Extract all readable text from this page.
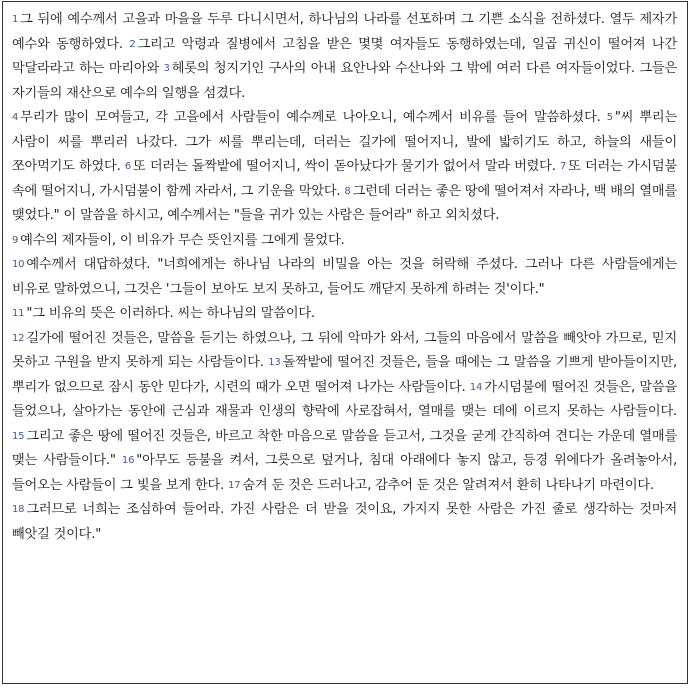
1 그 뒤에 예수께서 고을과 마을을 두루 다니시면서, 하나님의 나라를 선포하며 그 기쁜 소식을 전하셨다. 열두 제자가 예수와 동행하였다. 2 그리고 악령과 질병에서 고침을 받은 몇몇 여자들도 동행하였는데, 일곱 귀신이 떨어져 나간 막달라라고 하는 마리아와 3 헤롯의 청지기인 구사의 아내 요안나와 수산나와 그 밖에 여러 다른 여자들이었다. 그들은 자기들의 재산으로 예수의 일행을 섬겼다.

4 무리가 많이 모여들고, 각 고을에서 사람들이 예수께로 나아오니, 예수께서 비유를 들어 말씀하셨다. 5 "씨 뿌리는 사람이 씨를 뿌리러 나갔다. 그가 씨를 뿌리는데, 더러는 길가에 떨어지니, 발에 밟히기도 하고, 하늘의 새들이 쪼아먹기도 하였다. 6 또 더러는 돌짝밭에 떨어지니, 싹이 돋아났다가 물기가 없어서 말라 버렸다. 7 또 더러는 가시덤불 속에 떨어지니, 가시덤불이 함께 자라서, 그 기운을 막았다. 8 그런데 더러는 좋은 땅에 떨어져서 자라나, 백 배의 열매를 맺었다." 이 말씀을 하시고, 예수께서는 "들을 귀가 있는 사람은 들어라" 하고 외치셨다.

9 예수의 제자들이, 이 비유가 무슨 뜻인지를 그에게 물었다.

10 예수께서 대답하셨다. "너희에게는 하나님 나라의 비밀을 아는 것을 허락해 주셨다. 그러나 다른 사람들에게는 비유로 말하였으니, 그것은 '그들이 보아도 보지 못하고, 들어도 깨닫지 못하게 하려는 것'이다."

11 "그 비유의 뜻은 이러하다. 씨는 하나님의 말씀이다.

12 길가에 떨어진 것들은, 말씀을 듣기는 하였으나, 그 뒤에 악마가 와서, 그들의 마음에서 말씀을 빼앗아 가므로, 믿지 못하고 구원을 받지 못하게 되는 사람들이다. 13 돌짝밭에 떨어진 것들은, 들을 때에는 그 말씀을 기쁘게 받아들이지만, 뿌리가 없으므로 잠시 동안 믿다가, 시련의 때가 오면 떨어져 나가는 사람들이다. 14 가시덤불에 떨어진 것들은, 말씀을 들었으나, 살아가는 동안에 근심과 재물과 인생의 향락에 사로잡혀서, 열매를 맺는 데에 이르지 못하는 사람들이다. 15 그리고 좋은 땅에 떨어진 것들은, 바르고 착한 마음으로 말씀을 듣고서, 그것을 굳게 간직하여 견디는 가운데 열매를 맺는 사람들이다." 16 "아무도 등불을 켜서, 그릇으로 덮거나, 침대 아래에다 놓지 않고, 등경 위에다가 올려놓아서, 들어오는 사람들이 그 빛을 보게 한다. 17 숨겨 둔 것은 드러나고, 감추어 둔 것은 알려져서 환히 나타나기 마련이다.

18 그러므로 너희는 조심하여 들어라. 가진 사람은 더 받을 것이요, 가지지 못한 사람은 가진 줄로 생각하는 것마저 빼앗길 것이다."
